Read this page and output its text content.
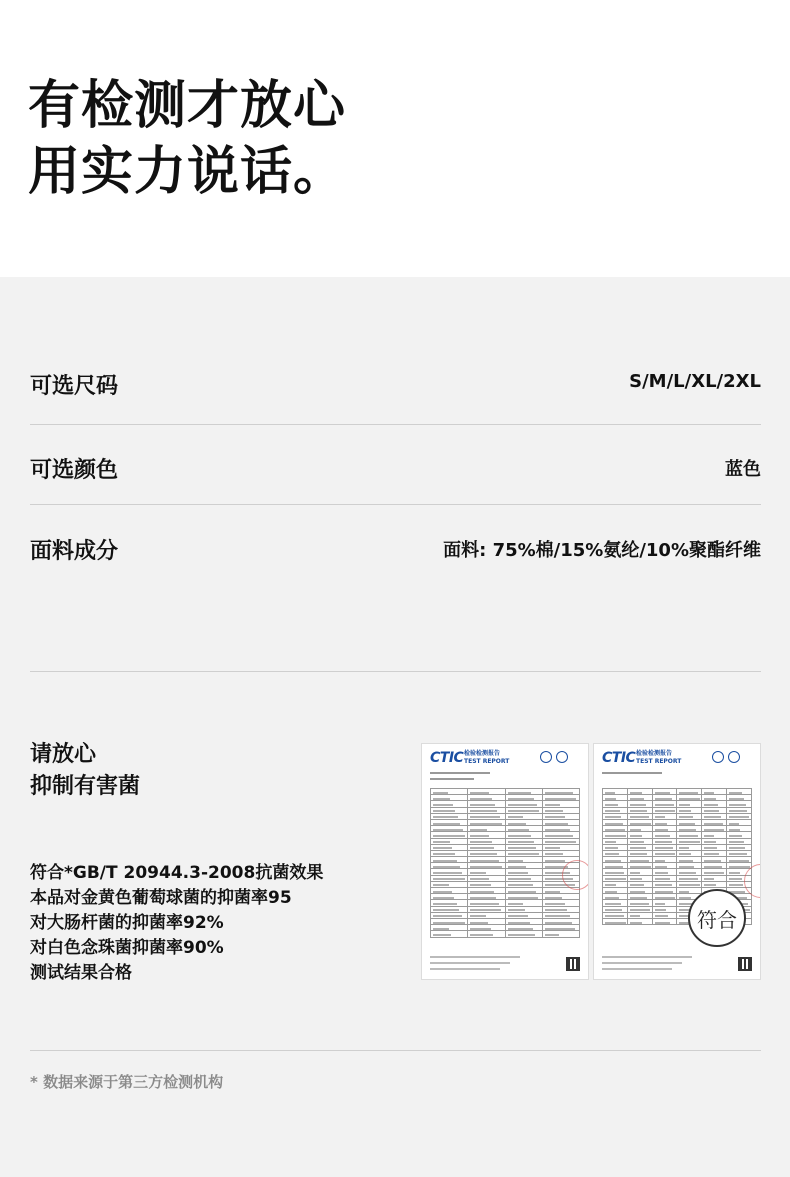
有检测才放心
用实力说话。
可选尺码	S/M/L/XL/2XL
可选颜色	蓝色
面料成分	面料: 75%棉/15%氨纶/10%聚酯纤维
请放心
抑制有害菌
符合*GB/T 20944.3-2008抗菌效果
本品对金黄色葡萄球菌的抑菌率95
对大肠杆菌的抑菌率92%
对白色念珠菌抑菌率90%
测试结果合格
CTIC 检验检测报告
TEST REPORT

		CTIC 检验检测报告
TEST REPORT

符合
* 数据来源于第三方检测机构
